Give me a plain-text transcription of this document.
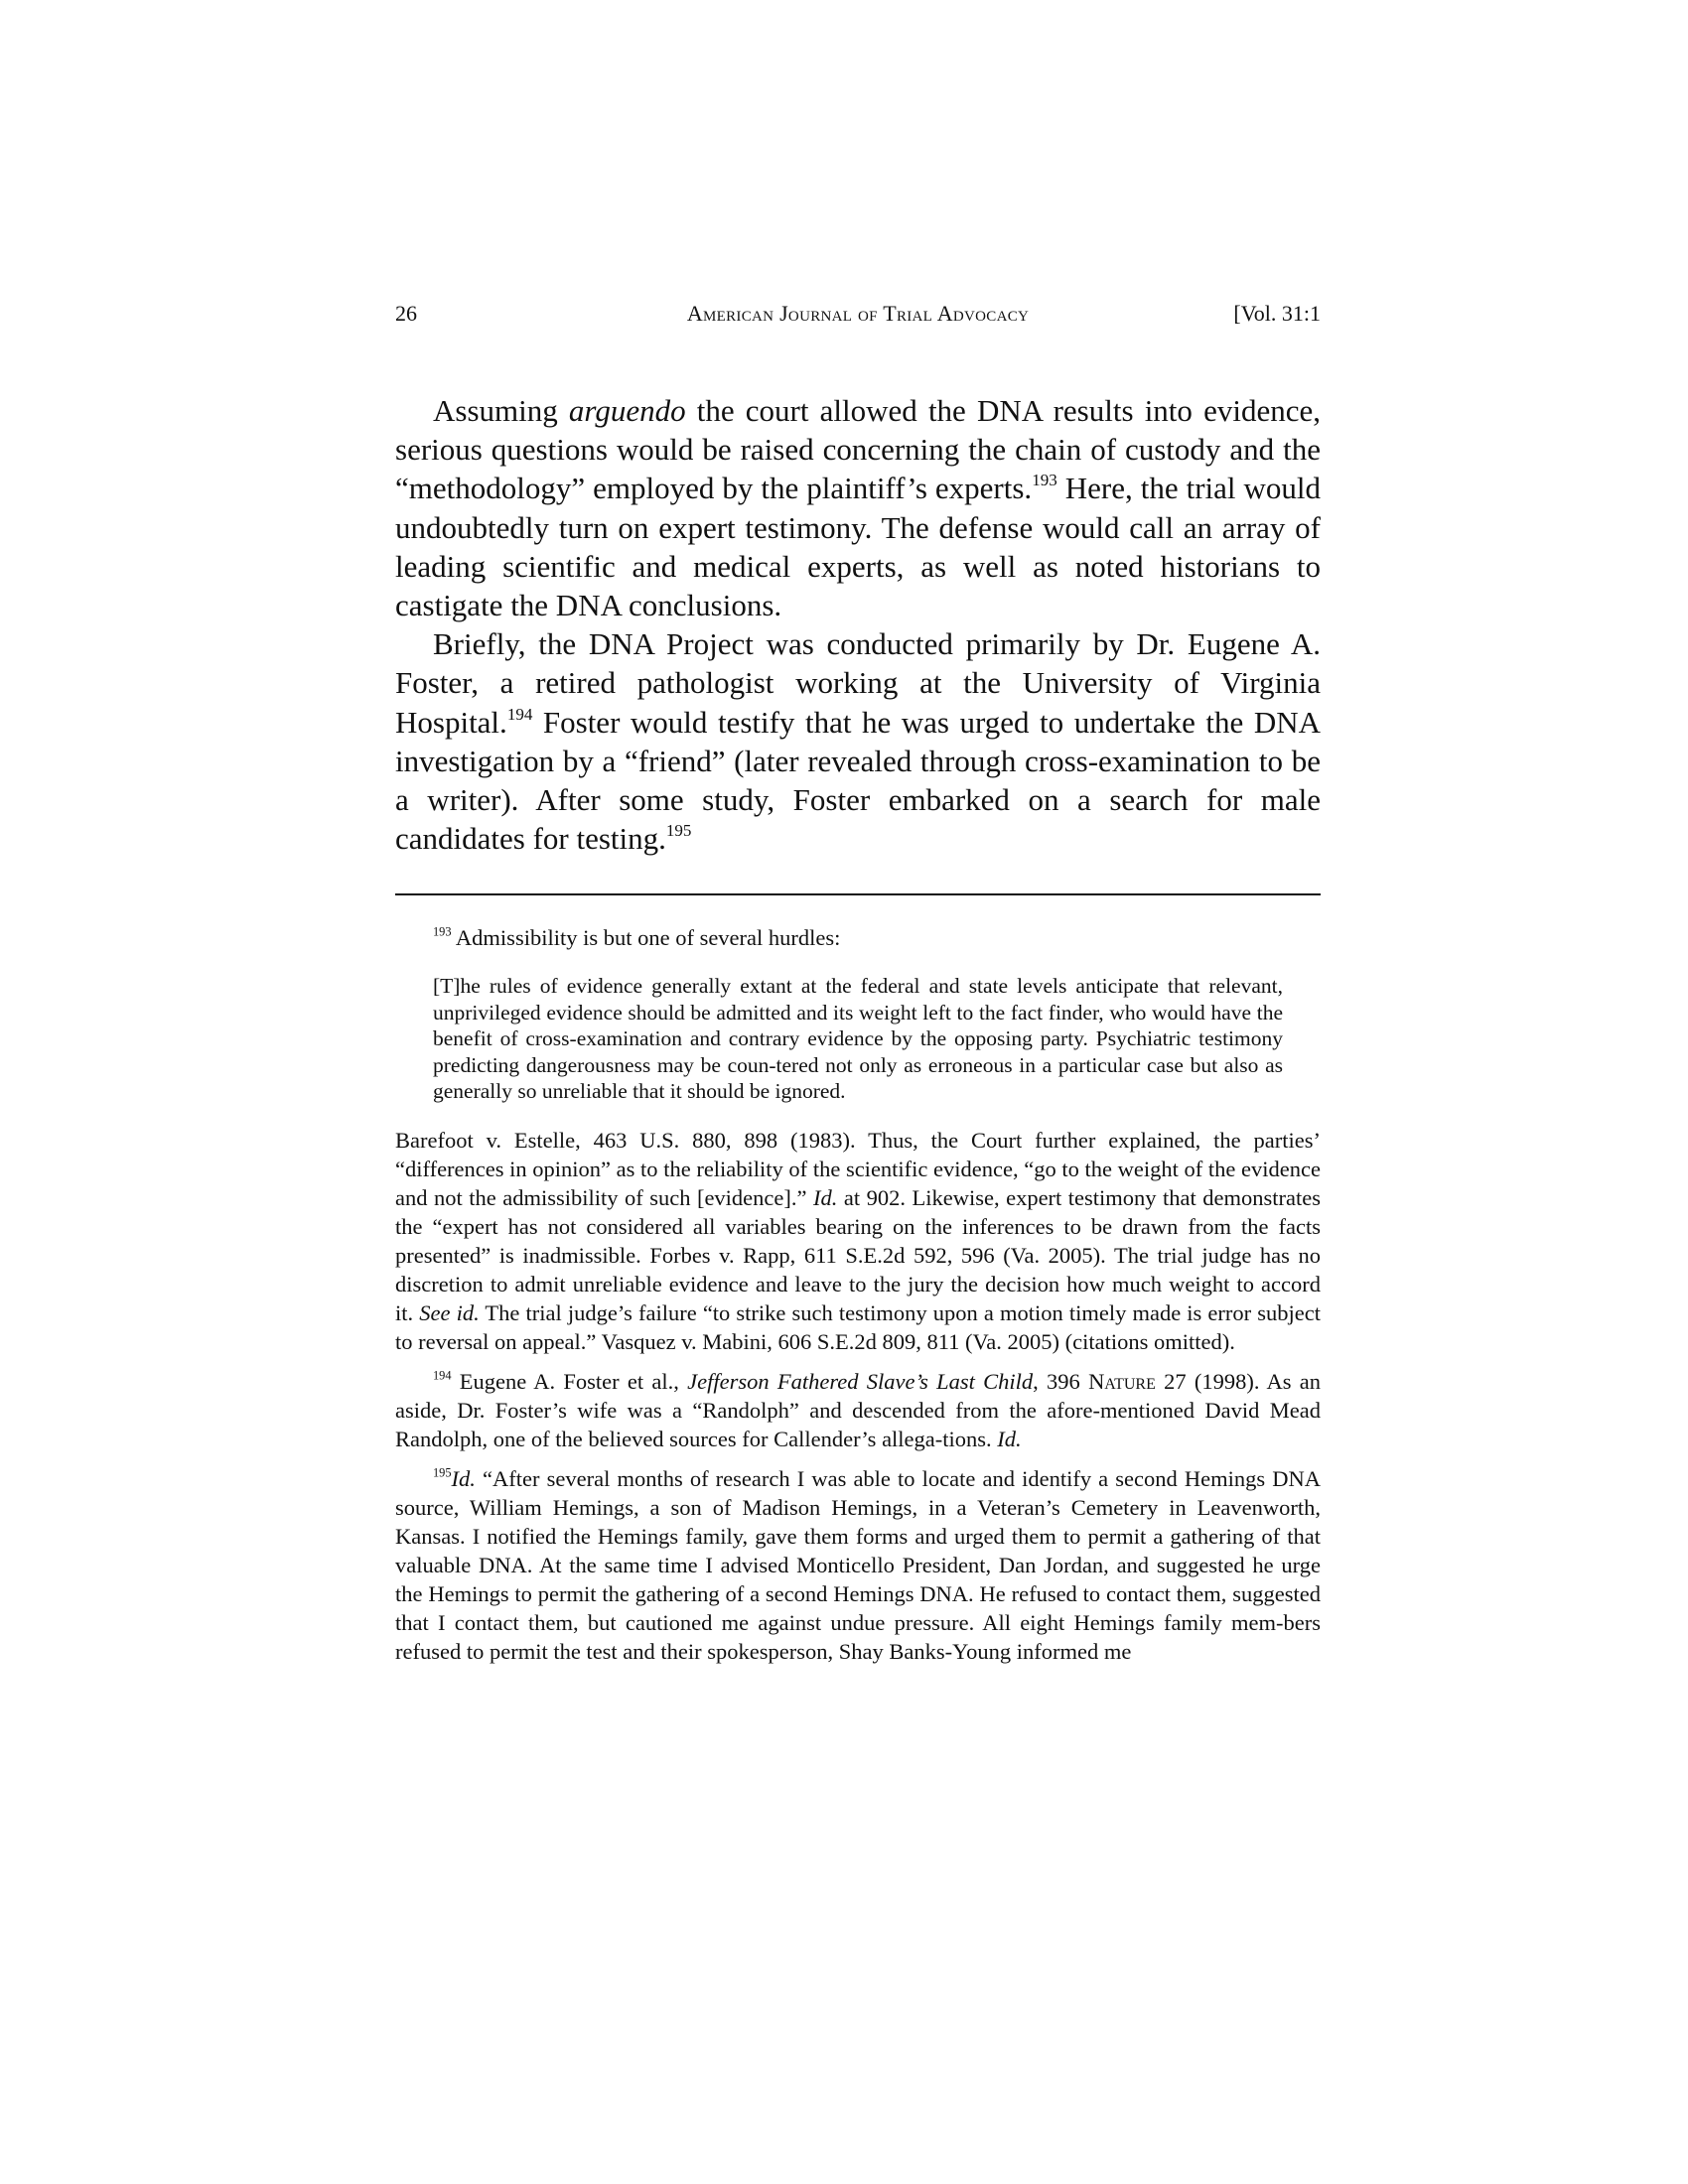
26	American Journal of Trial Advocacy	[Vol. 31:1

Assuming arguendo the court allowed the DNA results into evidence, serious questions would be raised concerning the chain of custody and the “methodology” employed by the plaintiff’s experts.$^{193}$ Here, the trial would undoubtedly turn on expert testimony. The defense would call an array of leading scientific and medical experts, as well as noted historians to castigate the DNA conclusions.

Briefly, the DNA Project was conducted primarily by Dr. Eugene A. Foster, a retired pathologist working at the University of Virginia Hospital.$^{194}$ Foster would testify that he was urged to undertake the DNA investigation by a “friend” (later revealed through cross-examination to be a writer). After some study, Foster embarked on a search for male candidates for testing.$^{195}$

$^{193}$ Admissibility is but one of several hurdles:

[T]he rules of evidence generally extant at the federal and state levels anticipate that relevant, unprivileged evidence should be admitted and its weight left to the fact finder, who would have the benefit of cross-examination and contrary evidence by the opposing party. Psychiatric testimony predicting dangerousness may be coun-tered not only as erroneous in a particular case but also as generally so unreliable that it should be ignored.

Barefoot v. Estelle, 463 U.S. 880, 898 (1983). Thus, the Court further explained, the parties’ “differences in opinion” as to the reliability of the scientific evidence, “go to the weight of the evidence and not the admissibility of such [evidence].” Id. at 902. Likewise, expert testimony that demonstrates the “expert has not considered all variables bearing on the inferences to be drawn from the facts presented” is inadmissible. Forbes v. Rapp, 611 S.E.2d 592, 596 (Va. 2005). The trial judge has no discretion to admit unreliable evidence and leave to the jury the decision how much weight to accord it. See id. The trial judge’s failure “to strike such testimony upon a motion timely made is error subject to reversal on appeal.” Vasquez v. Mabini, 606 S.E.2d 809, 811 (Va. 2005) (citations omitted).

$^{194}$ Eugene A. Foster et al., Jefferson Fathered Slave’s Last Child, 396 Nature 27 (1998). As an aside, Dr. Foster’s wife was a “Randolph” and descended from the afore-mentioned David Mead Randolph, one of the believed sources for Callender’s allega-tions. Id.

$^{195}$Id. “After several months of research I was able to locate and identify a second Hemings DNA source, William Hemings, a son of Madison Hemings, in a Veteran’s Cemetery in Leavenworth, Kansas. I notified the Hemings family, gave them forms and urged them to permit a gathering of that valuable DNA. At the same time I advised Monticello President, Dan Jordan, and suggested he urge the Hemings to permit the gathering of a second Hemings DNA. He refused to contact them, suggested that I contact them, but cautioned me against undue pressure. All eight Hemings family mem-bers refused to permit the test and their spokesperson, Shay Banks-Young informed me
